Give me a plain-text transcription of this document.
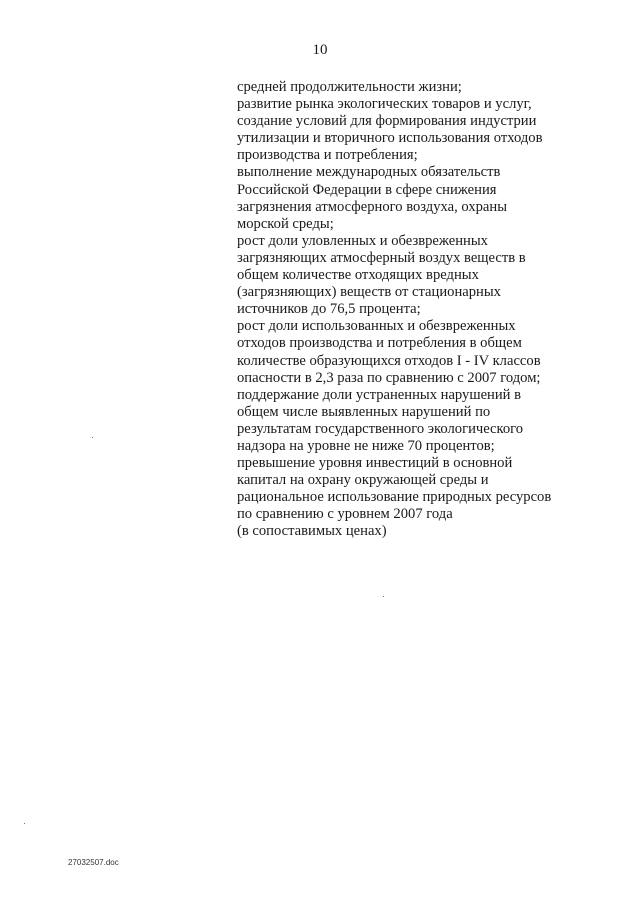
10
средней продолжительности жизни;
развитие рынка экологических товаров и услуг,
создание условий для формирования индустрии
утилизации и вторичного использования отходов
производства и потребления;
выполнение международных обязательств
Российской Федерации в сфере снижения
загрязнения атмосферного воздуха, охраны
морской среды;
рост доли уловленных и обезвреженных
загрязняющих атмосферный воздух веществ в
общем количестве отходящих вредных
(загрязняющих) веществ от стационарных
источников до 76,5 процента;
рост доли использованных и обезвреженных
отходов производства и потребления в общем
количестве образующихся отходов I - IV классов
опасности в 2,3 раза по сравнению с 2007 годом;
поддержание доли устраненных нарушений в
общем числе выявленных нарушений по
результатам государственного экологического
надзора на уровне не ниже 70 процентов;
превышение уровня инвестиций в основной
капитал на охрану окружающей среды и
рациональное использование природных ресурсов
по сравнению с уровнем 2007 года
(в сопоставимых ценах)
27032507.doc
